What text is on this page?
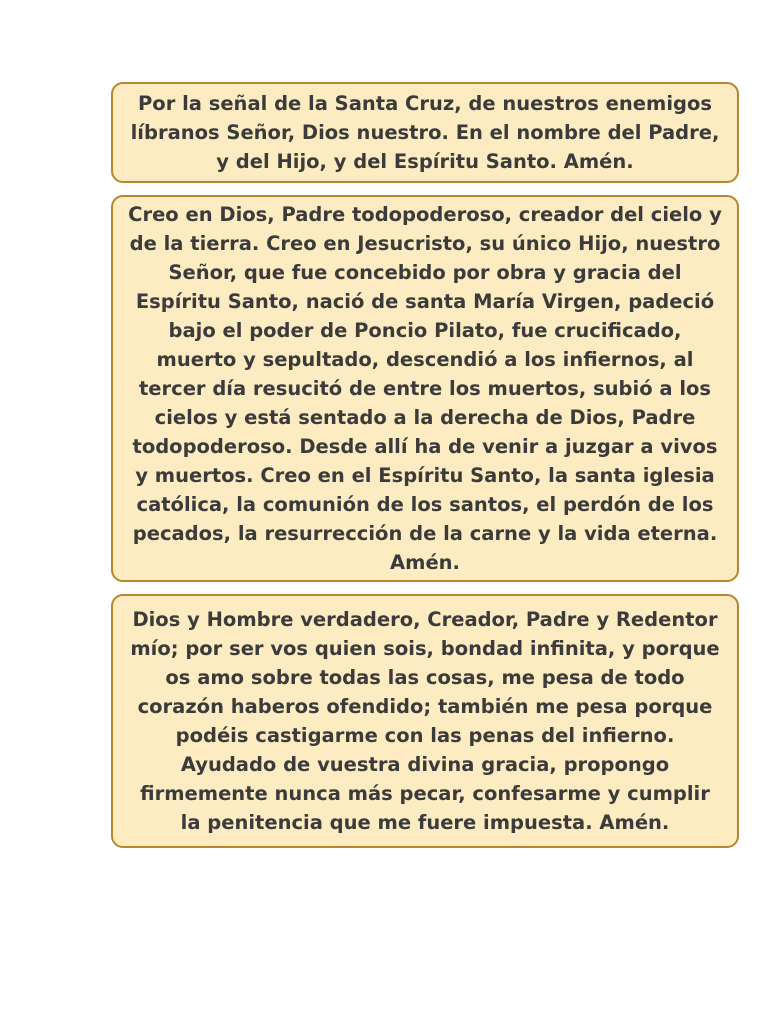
Por la señal de la Santa Cruz, de nuestros enemigos
líbranos Señor, Dios nuestro. En el nombre del Padre,
y del Hijo, y del Espíritu Santo. Amén.

Creo en Dios, Padre todopoderoso, creador del cielo y
de la tierra. Creo en Jesucristo, su único Hijo, nuestro
Señor, que fue concebido por obra y gracia del
Espíritu Santo, nació de santa María Virgen, padeció
bajo el poder de Poncio Pilato, fue crucificado,
muerto y sepultado, descendió a los infiernos, al
tercer día resucitó de entre los muertos, subió a los
cielos y está sentado a la derecha de Dios, Padre
todopoderoso. Desde allí ha de venir a juzgar a vivos
y muertos. Creo en el Espíritu Santo, la santa iglesia
católica, la comunión de los santos, el perdón de los
pecados, la resurrección de la carne y la vida eterna.
Amén.

Dios y Hombre verdadero, Creador, Padre y Redentor
mío; por ser vos quien sois, bondad infinita, y porque
os amo sobre todas las cosas, me pesa de todo
corazón haberos ofendido; también me pesa porque
podéis castigarme con las penas del infierno.
Ayudado de vuestra divina gracia, propongo
firmemente nunca más pecar, confesarme y cumplir
la penitencia que me fuere impuesta. Amén.
